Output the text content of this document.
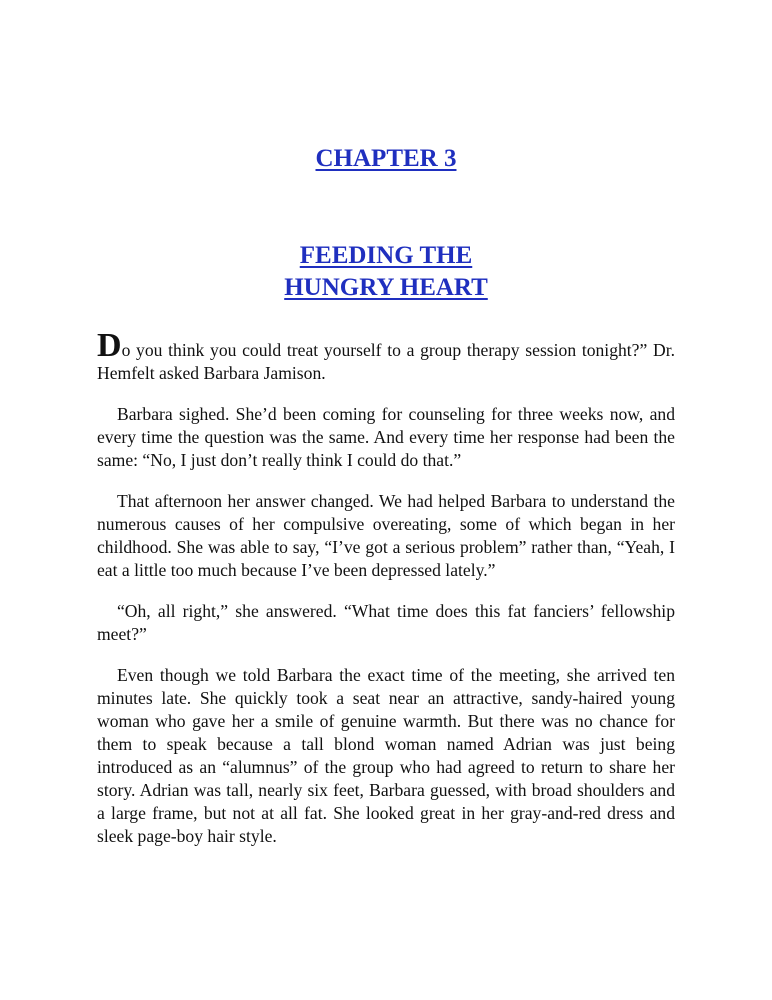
CHAPTER 3
FEEDING THE
HUNGRY HEART

Do you think you could treat yourself to a group therapy session tonight?” Dr. Hemfelt asked Barbara Jamison.

Barbara sighed. She’d been coming for counseling for three weeks now, and every time the question was the same. And every time her response had been the same: “No, I just don’t really think I could do that.”

That afternoon her answer changed. We had helped Barbara to understand the numerous causes of her compulsive overeating, some of which began in her childhood. She was able to say, “I’ve got a serious problem” rather than, “Yeah, I eat a little too much because I’ve been depressed lately.”

“Oh, all right,” she answered. “What time does this fat fanciers’ fellowship meet?”

Even though we told Barbara the exact time of the meeting, she arrived ten minutes late. She quickly took a seat near an attractive, sandy-haired young woman who gave her a smile of genuine warmth. But there was no chance for them to speak because a tall blond woman named Adrian was just being introduced as an “alumnus” of the group who had agreed to return to share her story. Adrian was tall, nearly six feet, Barbara guessed, with broad shoulders and a large frame, but not at all fat. She looked great in her gray-and-red dress and sleek page-boy hair style.
